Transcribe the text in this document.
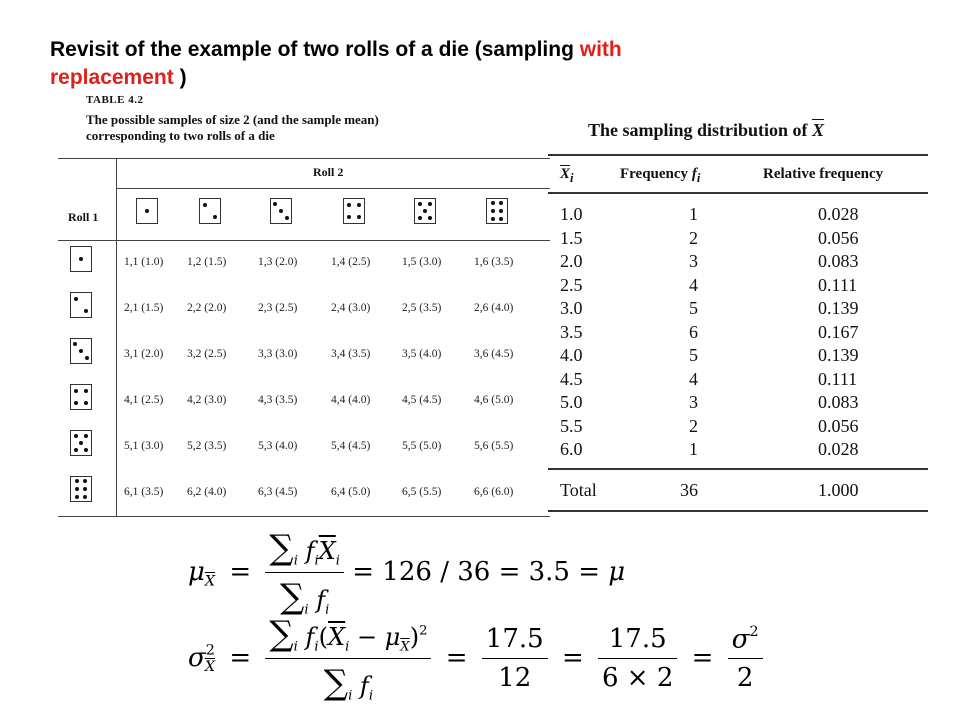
Revisit of the example of two rolls of a die (sampling with
replacement )
TABLE 4.2
The possible samples of size 2 (and the sample mean)
corresponding to two rolls of a die
Roll 2
Roll 1
1,1 (1.0) 1,2 (1.5)	1,3 (2.0)	1,4 (2.5)	1,5 (3.0)	1,6 (3.5)
2,1 (1.5) 2,2 (2.0)	2,3 (2.5)	2,4 (3.0)	2,5 (3.5)	2,6 (4.0)
3,1 (2.0) 3,2 (2.5)	3,3 (3.0)	3,4 (3.5)	3,5 (4.0)	3,6 (4.5)
4,1 (2.5) 4,2 (3.0)	4,3 (3.5)	4,4 (4.0)	4,5 (4.5)	4,6 (5.0)
5,1 (3.0) 5,2 (3.5)	5,3 (4.0)	5,4 (4.5)	5,5 (5.0)	5,6 (5.5)
6,1 (3.5) 6,2 (4.0)	6,3 (4.5)	6,4 (5.0)	6,5 (5.5)	6,6 (6.0)
The sampling distribution of $\overline{X}$
$\overline{X}_i$	Frequency $f_i$	Relative frequency
1.0	1	0.028
1.5	2	0.056
2.0	3	0.083
2.5	4	0.111
3.0	5	0.139
3.5	6	0.167
4.0	5	0.139
4.5	4	0.111
5.0	3	0.083
5.5	2	0.056
6.0	1	0.028
Total	36	1.000
$\mu_{\overline{X}} = \frac{\sum_i f_i\overline{X}_i}{\sum_i f_i} = 126 / 36 = 3.5 = \mu$
$\sigma^2_{\overline{X}} = \frac{\sum_i f_i(\overline{X}_i - \mu_{\overline{X}})^2}{\sum_i f_i} = \frac{17.5}{12} = \frac{17.5}{6 \times 2} = \frac{\sigma^2}{2}$
